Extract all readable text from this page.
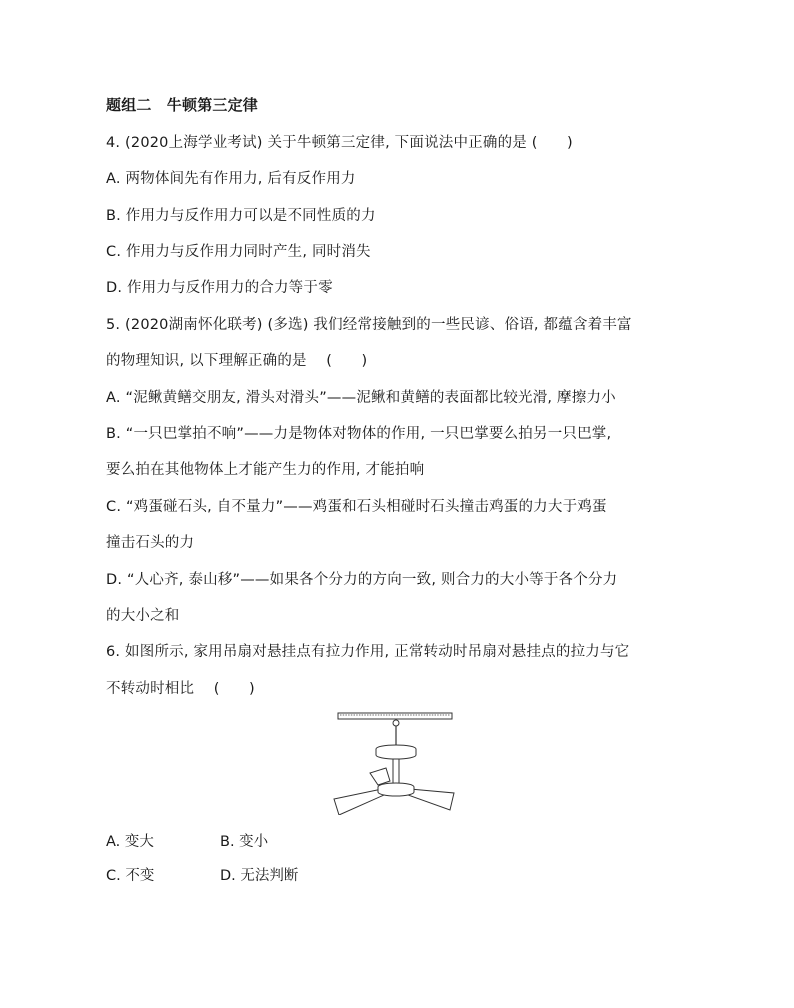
题组二　牛顿第三定律
4. (2020上海学业考试) 关于牛顿第三定律, 下面说法中正确的是 (　　)
A. 两物体间先有作用力, 后有反作用力
B. 作用力与反作用力可以是不同性质的力
C. 作用力与反作用力同时产生, 同时消失
D. 作用力与反作用力的合力等于零
5. (2020湖南怀化联考) (多选) 我们经常接触到的一些民谚、俗语, 都蕴含着丰富
的物理知识, 以下理解正确的是　 (　　)
A. “泥鳅黄鳝交朋友, 滑头对滑头”——泥鳅和黄鳝的表面都比较光滑, 摩擦力小
B. “一只巴掌拍不响”——力是物体对物体的作用, 一只巴掌要么拍另一只巴掌,
要么拍在其他物体上才能产生力的作用, 才能拍响
C. “鸡蛋碰石头, 自不量力”——鸡蛋和石头相碰时石头撞击鸡蛋的力大于鸡蛋
撞击石头的力
D. “人心齐, 泰山移”——如果各个分力的方向一致, 则合力的大小等于各个分力
的大小之和
6. 如图所示, 家用吊扇对悬挂点有拉力作用, 正常转动时吊扇对悬挂点的拉力与它
不转动时相比　 (　　)
A. 变大	B. 变小
C. 不变	D. 无法判断
